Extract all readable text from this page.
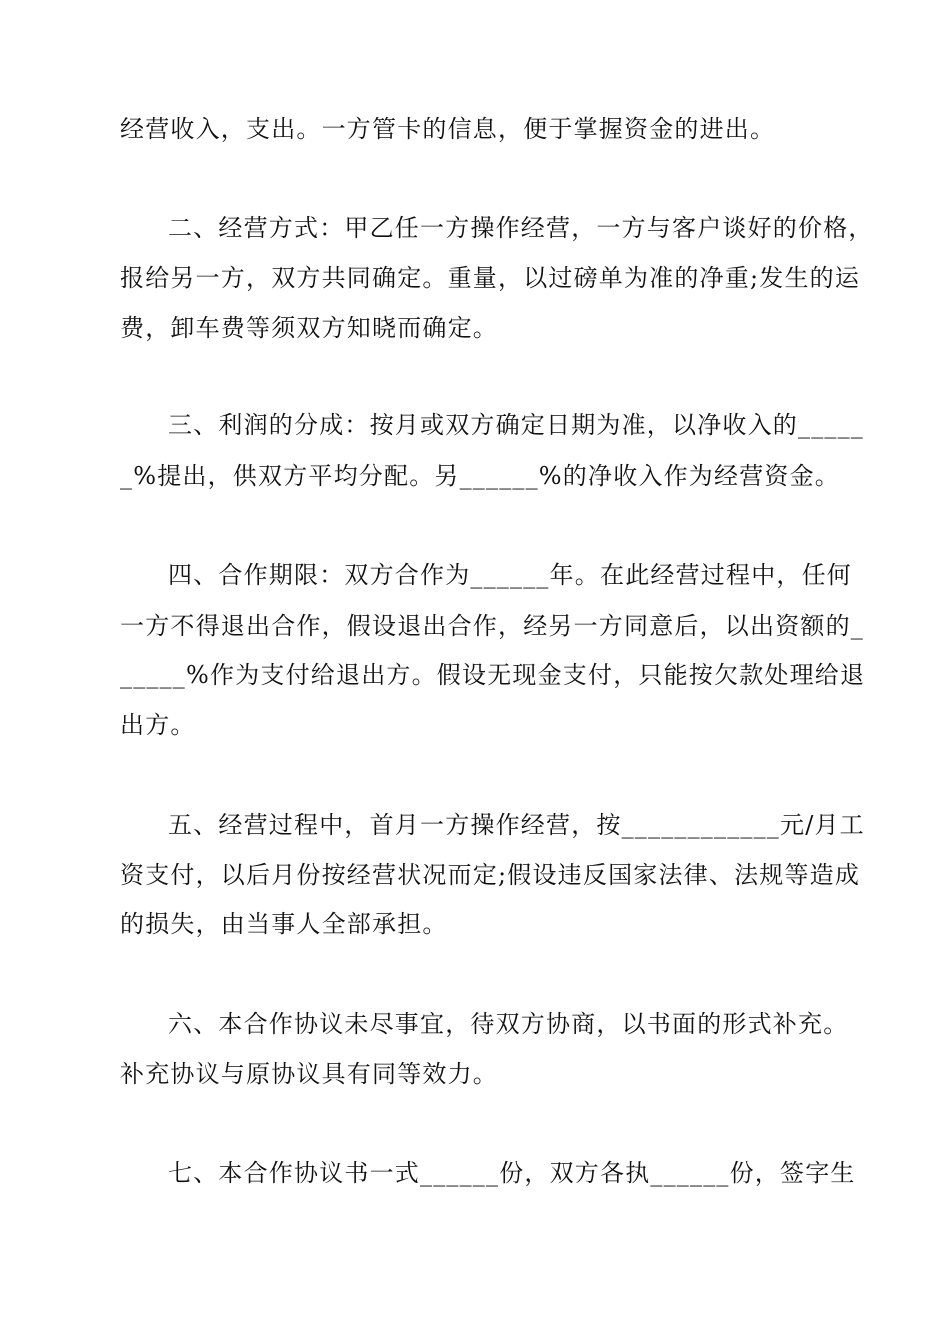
经营收入，支出。一方管卡的信息，便于掌握资金的进出。
二、经营方式：甲乙任一方操作经营，一方与客户谈好的价格，
报给另一方，双方共同确定。重量，以过磅单为准的净重;发生的运
费，卸车费等须双方知晓而确定。
三、利润的分成：按月或双方确定日期为准，以净收入的_____
_%提出，供双方平均分配。另______%的净收入作为经营资金。
四、合作期限：双方合作为______年。在此经营过程中，任何
一方不得退出合作，假设退出合作，经另一方同意后，以出资额的_
_____%作为支付给退出方。假设无现金支付，只能按欠款处理给退
出方。
五、经营过程中，首月一方操作经营，按____________元/月工
资支付，以后月份按经营状况而定;假设违反国家法律、法规等造成
的损失，由当事人全部承担。
六、本合作协议未尽事宜，待双方协商，以书面的形式补充。
补充协议与原协议具有同等效力。
七、本合作协议书一式______份，双方各执______份，签字生
